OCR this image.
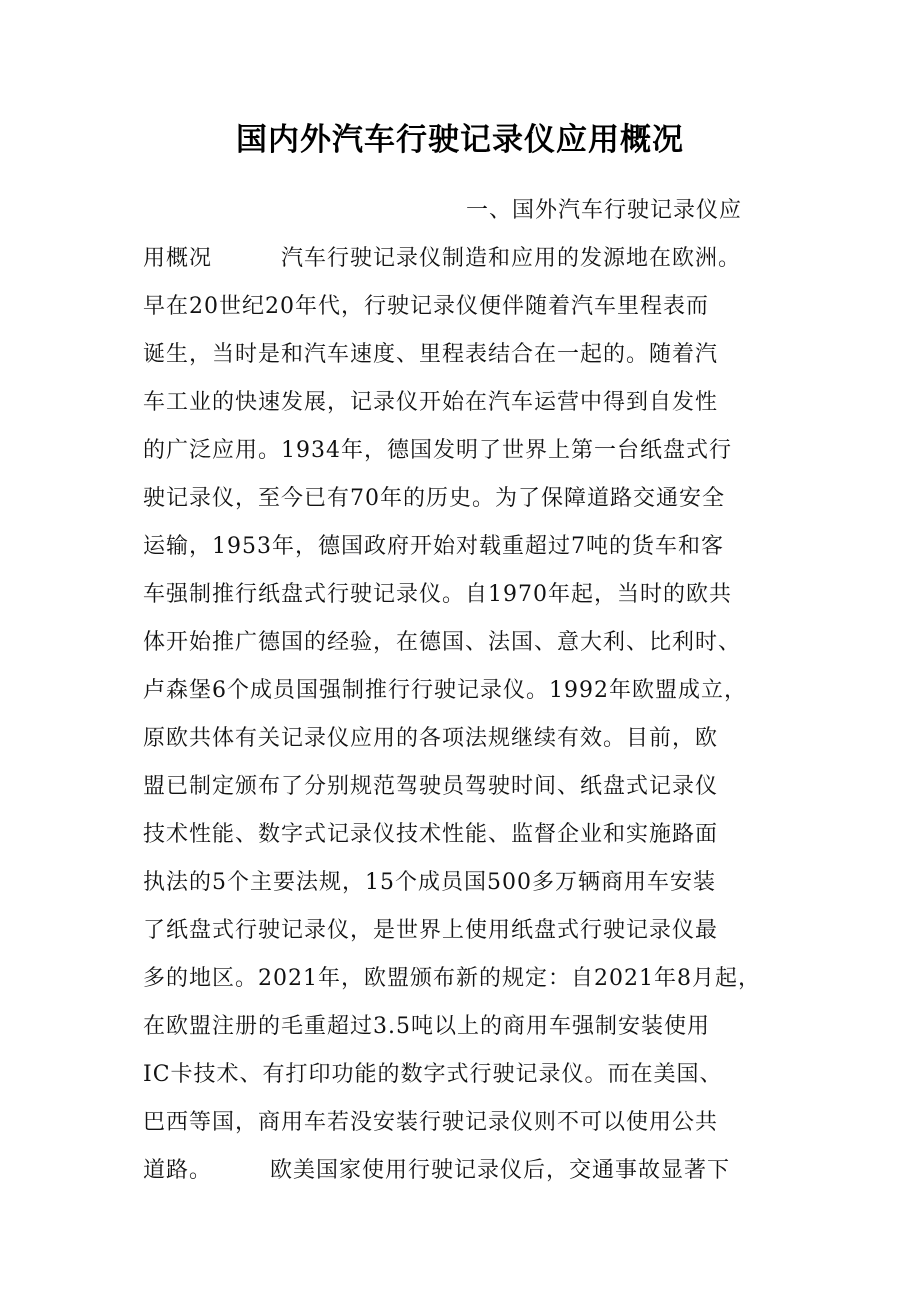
国内外汽车行驶记录仪应用概况
一、国外汽车行驶记录仪应
用概况　　　汽车行驶记录仪制造和应用的发源地在欧洲。
早在20世纪20年代，行驶记录仪便伴随着汽车里程表而
诞生，当时是和汽车速度、里程表结合在一起的。随着汽
车工业的快速发展，记录仪开始在汽车运营中得到自发性
的广泛应用。1934年，德国发明了世界上第一台纸盘式行
驶记录仪，至今已有70年的历史。为了保障道路交通安全
运输，1953年，德国政府开始对载重超过7吨的货车和客
车强制推行纸盘式行驶记录仪。自1970年起，当时的欧共
体开始推广德国的经验，在德国、法国、意大利、比利时、
卢森堡6个成员国强制推行行驶记录仪。1992年欧盟成立，
原欧共体有关记录仪应用的各项法规继续有效。目前，欧
盟已制定颁布了分别规范驾驶员驾驶时间、纸盘式记录仪
技术性能、数字式记录仪技术性能、监督企业和实施路面
执法的5个主要法规，15个成员国500多万辆商用车安装
了纸盘式行驶记录仪，是世界上使用纸盘式行驶记录仪最
多的地区。2021年，欧盟颁布新的规定：自2021年8月起，
在欧盟注册的毛重超过3.5吨以上的商用车强制安装使用
IC卡技术、有打印功能的数字式行驶记录仪。而在美国、
巴西等国，商用车若没安装行驶记录仪则不可以使用公共
道路。　　　欧美国家使用行驶记录仪后，交通事故显著下
